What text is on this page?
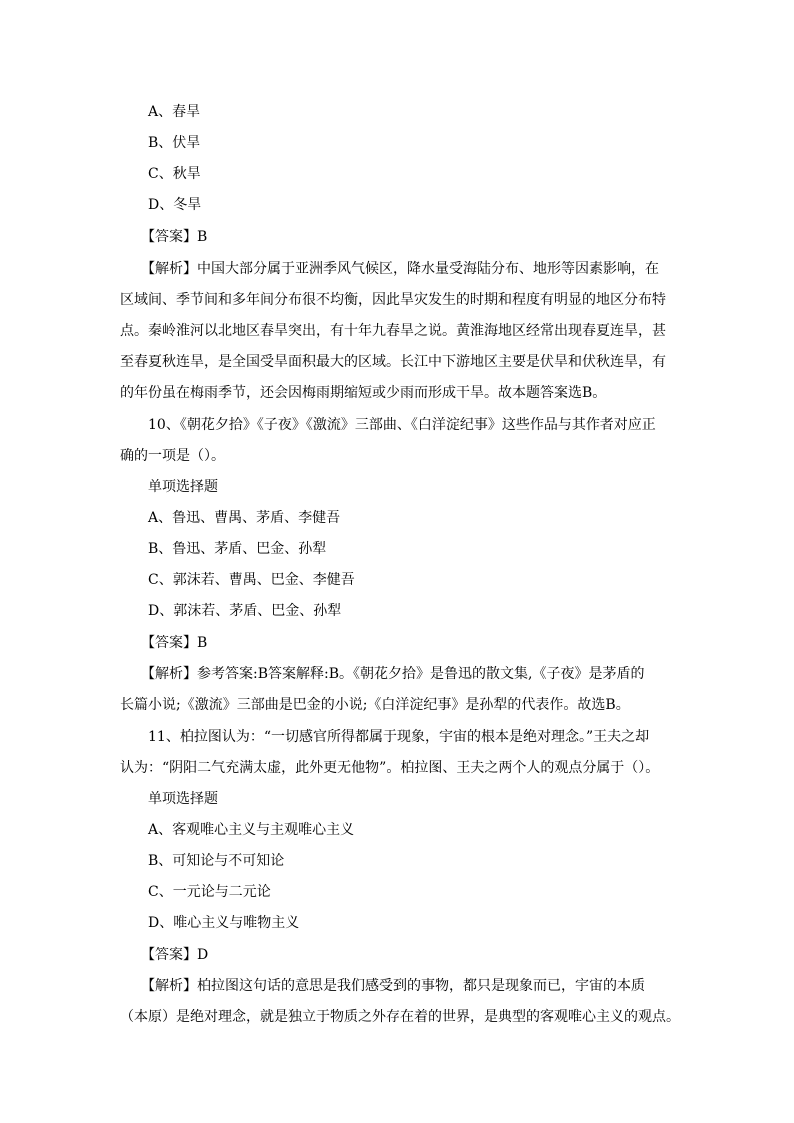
A、春旱
B、伏旱
C、秋旱
D、冬旱
【答案】B
【解析】中国大部分属于亚洲季风气候区，降水量受海陆分布、地形等因素影响，在
区域间、季节间和多年间分布很不均衡，因此旱灾发生的时期和程度有明显的地区分布特
点。秦岭淮河以北地区春旱突出，有十年九春旱之说。黄淮海地区经常出现春夏连旱，甚
至春夏秋连旱，是全国受旱面积最大的区域。长江中下游地区主要是伏旱和伏秋连旱，有
的年份虽在梅雨季节，还会因梅雨期缩短或少雨而形成干旱。故本题答案选B。
10、《朝花夕拾》《子夜》《激流》三部曲、《白洋淀纪事》这些作品与其作者对应正
确的一项是（）。
单项选择题
A、鲁迅、曹禺、茅盾、李健吾
B、鲁迅、茅盾、巴金、孙犁
C、郭沫若、曹禺、巴金、李健吾
D、郭沫若、茅盾、巴金、孙犁
【答案】B
【解析】参考答案:B答案解释:B。《朝花夕拾》是鲁迅的散文集,《子夜》是茅盾的
长篇小说;《激流》三部曲是巴金的小说;《白洋淀纪事》是孙犁的代表作。故选B。
11、柏拉图认为：“一切感官所得都属于现象，宇宙的根本是绝对理念。”王夫之却
认为：“阴阳二气充满太虚，此外更无他物”。柏拉图、王夫之两个人的观点分属于（）。
单项选择题
A、客观唯心主义与主观唯心主义
B、可知论与不可知论
C、一元论与二元论
D、唯心主义与唯物主义
【答案】D
【解析】柏拉图这句话的意思是我们感受到的事物，都只是现象而已，宇宙的本质
（本原）是绝对理念，就是独立于物质之外存在着的世界，是典型的客观唯心主义的观点。
